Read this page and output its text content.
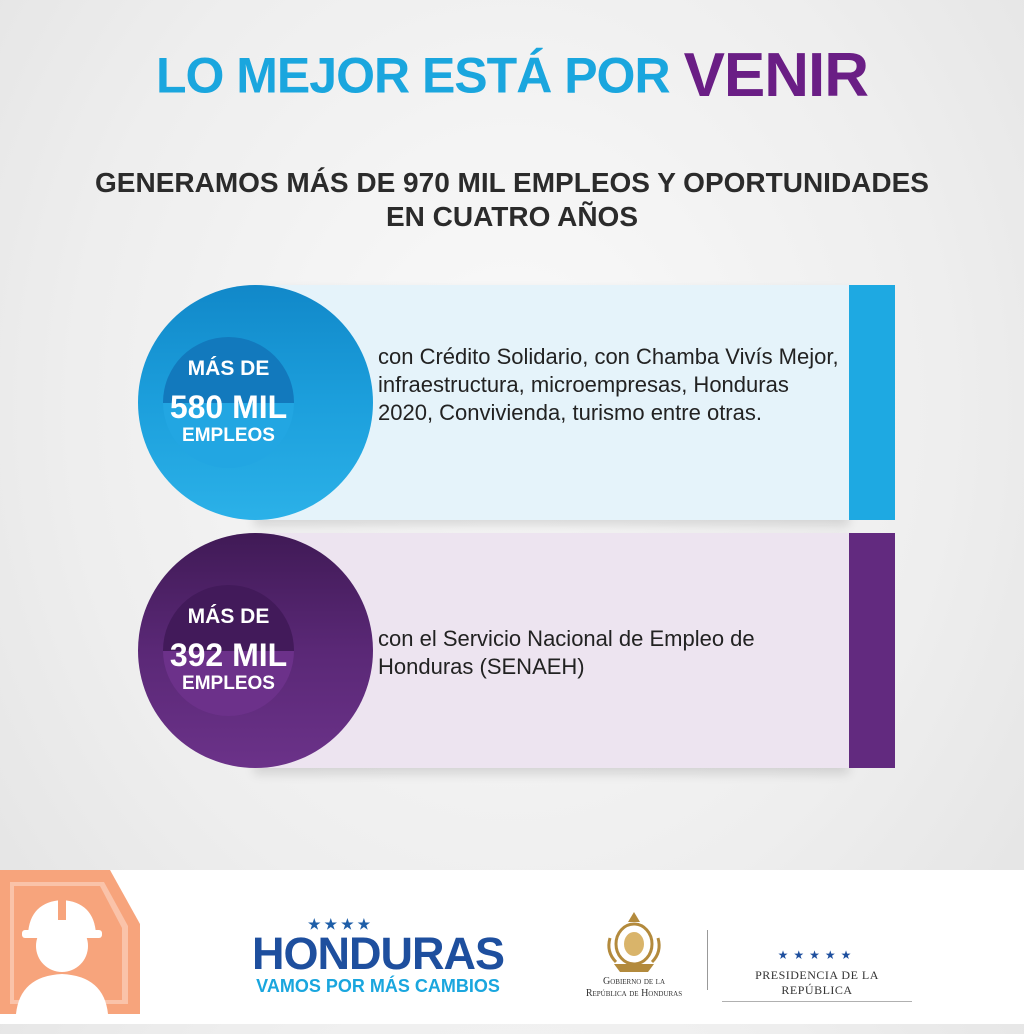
LO MEJOR ESTÁ POR VENIR
GENERAMOS MÁS DE 970 MIL EMPLEOS Y OPORTUNIDADES
EN CUATRO AÑOS
MÁS DE
580 MIL
EMPLEOS
con Crédito Solidario, con Chamba Vivís Mejor, infraestructura, microempresas, Honduras 2020, Convivienda, turismo entre otras.
MÁS DE
392 MIL
EMPLEOS
con el Servicio Nacional de Empleo de Honduras (SENAEH)
★★★★
HONDURAS
VAMOS POR MÁS CAMBIOS	Gobierno de la
República de Honduras
★★★★★
PRESIDENCIA DE LA REPÚBLICA
